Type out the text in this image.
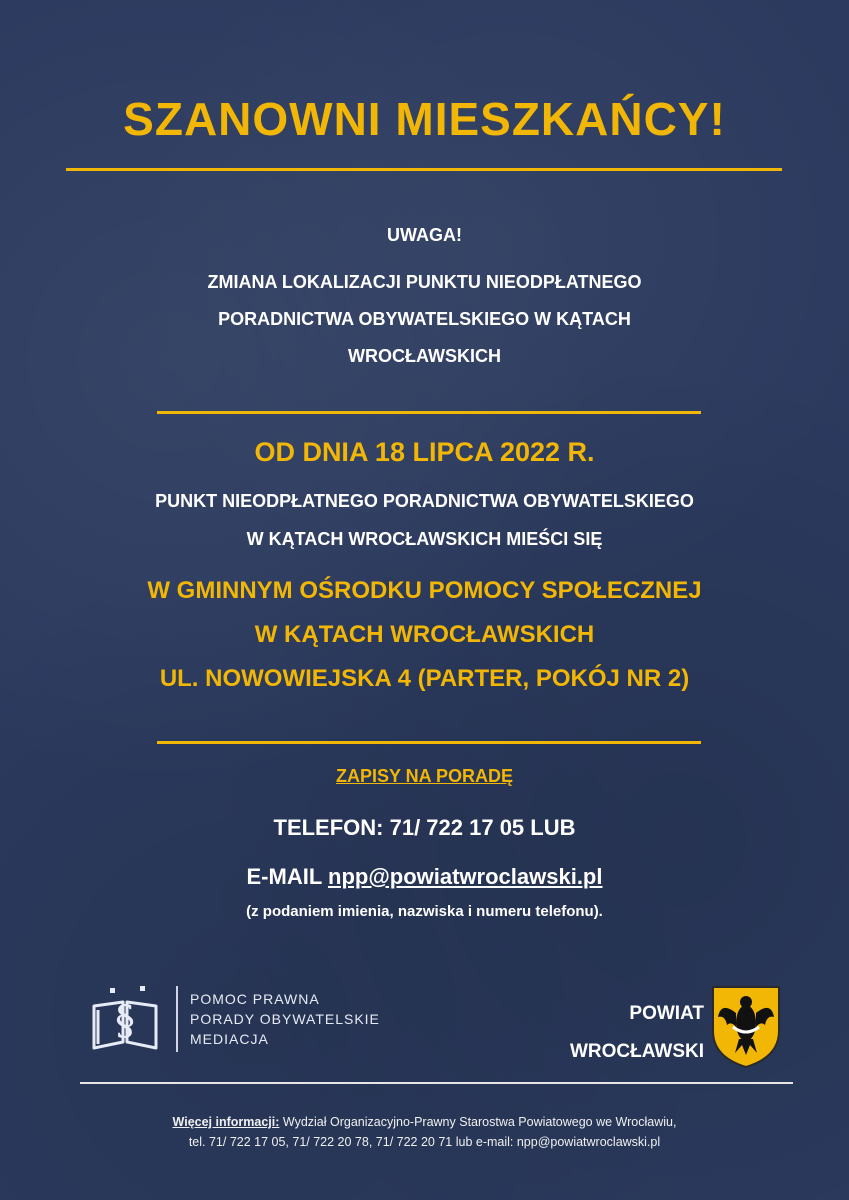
SZANOWNI MIESZKAŃCY!
UWAGA!
ZMIANA LOKALIZACJI PUNKTU NIEODPŁATNEGO
PORADNICTWA OBYWATELSKIEGO W KĄTACH
WROCŁAWSKICH
OD DNIA 18 LIPCA 2022 R.
PUNKT NIEODPŁATNEGO PORADNICTWA OBYWATELSKIEGO
W KĄTACH WROCŁAWSKICH MIEŚCI SIĘ
W GMINNYM OŚRODKU POMOCY SPOŁECZNEJ
W KĄTACH WROCŁAWSKICH
UL. NOWOWIEJSKA 4 (PARTER, POKÓJ NR 2)
ZAPISY NA PORADĘ
TELEFON: 71/ 722 17 05 LUB
E-MAIL npp@powiatwroclawski.pl
(z podaniem imienia, nazwiska i numeru telefonu).
§	POMOC PRAWNA
PORADY OBYWATELSKIE
MEDIACJA
POWIAT
WROCŁAWSKI
Więcej informacji: Wydział Organizacyjno-Prawny Starostwa Powiatowego we Wrocławiu,
tel. 71/ 722 17 05, 71/ 722 20 78, 71/ 722 20 71 lub e-mail: npp@powiatwroclawski.pl
